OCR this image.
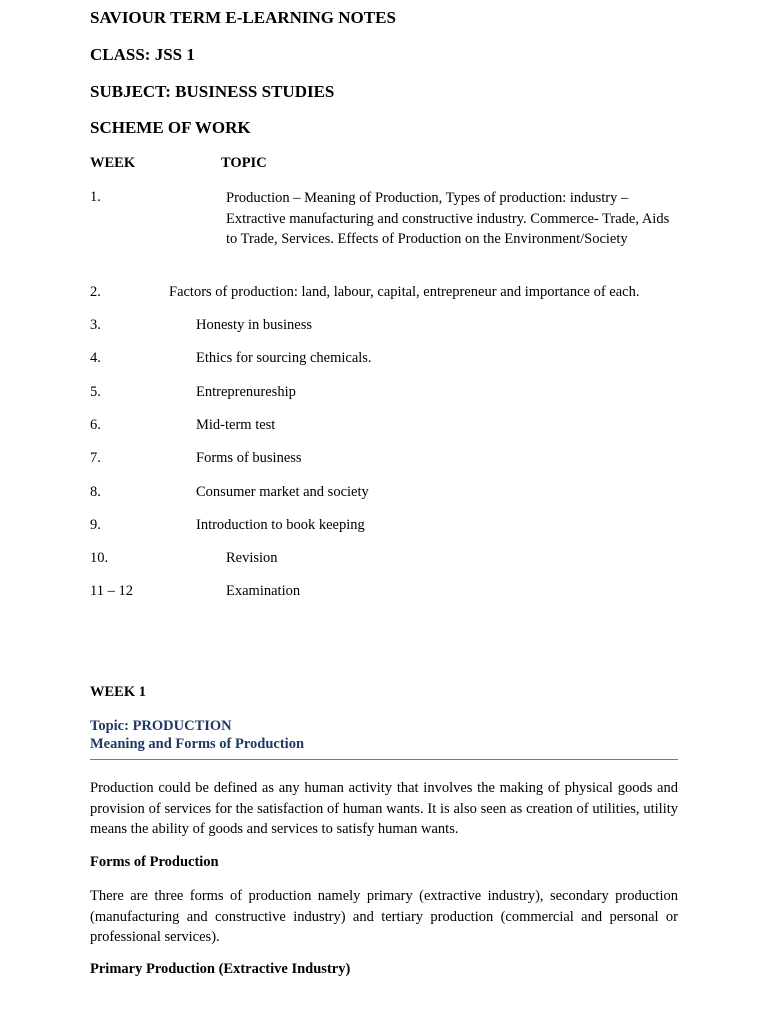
SAVIOUR TERM E-LEARNING NOTES
CLASS: JSS 1
SUBJECT: BUSINESS STUDIES
SCHEME OF WORK
WEEK	TOPIC
1.	Production – Meaning of Production, Types of production: industry – Extractive manufacturing and constructive industry. Commerce- Trade, Aids to Trade, Services. Effects of Production on the Environment/Society
2.	Factors of production: land, labour, capital, entrepreneur and importance of each.
3.	Honesty in business
4.	Ethics for sourcing chemicals.
5.	Entreprenureship
6.	Mid-term test
7.	Forms of business
8.	Consumer market and society
9.	Introduction to book keeping
10.	Revision
11 – 12	Examination
WEEK 1
Topic: PRODUCTION
Meaning and Forms of Production
Production could be defined as any human activity that involves the making of physical goods and provision of services for the satisfaction of human wants. It is also seen as creation of utilities, utility means the ability of goods and services to satisfy human wants.
Forms of Production
There are three forms of production namely primary (extractive industry), secondary production (manufacturing and constructive industry) and tertiary production (commercial and personal or professional services).
Primary Production (Extractive Industry)
